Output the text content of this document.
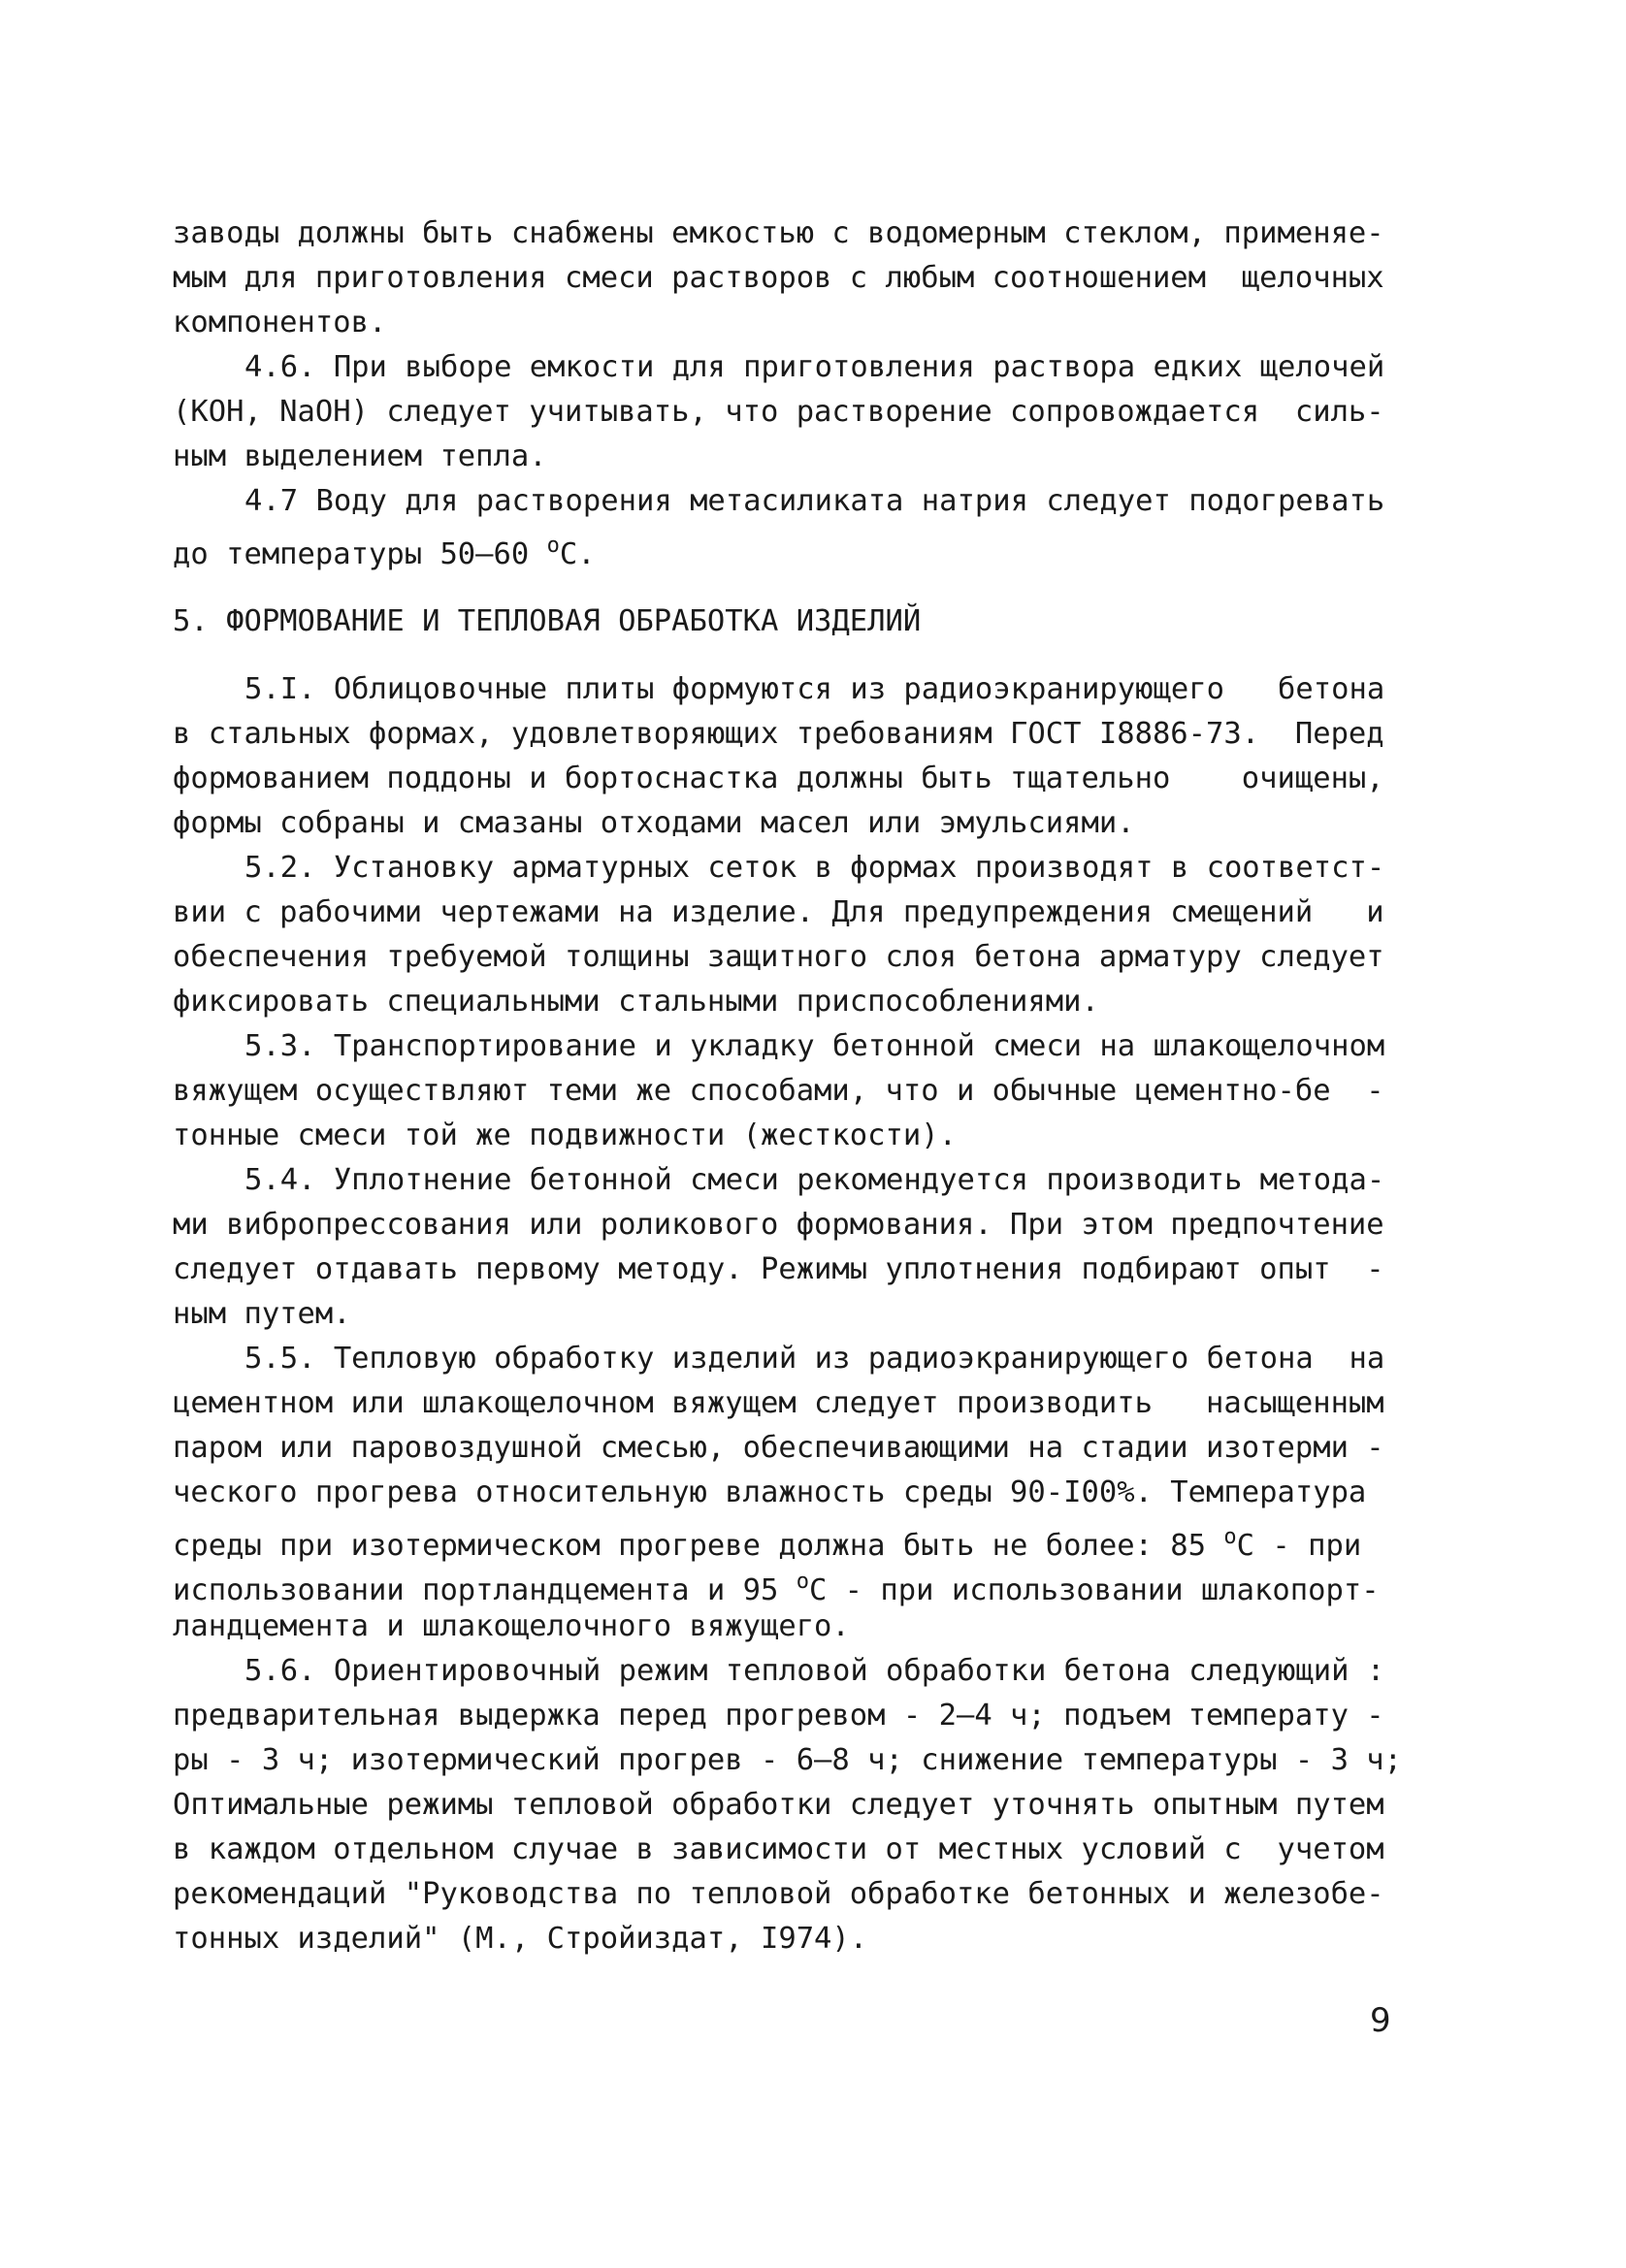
заводы должны быть снабжены емкостью с водомерным стеклом, применяе-
мым для приготовления смеси растворов с любым соотношением  щелочных
компонентов.
4.6. При выборе емкости для приготовления раствора едких щелочей
(КОН, NaOH) следует учитывать, что растворение сопровождается  силь-
ным выделением тепла.
4.7 Воду для растворения метасиликата натрия следует подогревать
до температуры 50–60 $^o$С.
5. ФОРМОВАНИЕ И ТЕПЛОВАЯ ОБРАБОТКА ИЗДЕЛИЙ
5.I. Облицовочные плиты формуются из радиоэкранирующего   бетона
в стальных формах, удовлетворяющих требованиям ГОСТ I8886-73.  Перед
формованием поддоны и бортоснастка должны быть тщательно    очищены,
формы собраны и смазаны отходами масел или эмульсиями.
5.2. Установку арматурных сеток в формах производят в соответст-
вии с рабочими чертежами на изделие. Для предупреждения смещений   и
обеспечения требуемой толщины защитного слоя бетона арматуру следует
фиксировать специальными стальными приспособлениями.
5.3. Транспортирование и укладку бетонной смеси на шлакощелочном
вяжущем осуществляют теми же способами, что и обычные цементно-бе  -
тонные смеси той же подвижности (жесткости).
5.4. Уплотнение бетонной смеси рекомендуется производить метода-
ми вибропрессования или роликового формования. При этом предпочтение
следует отдавать первому методу. Режимы уплотнения подбирают опыт  -
ным путем.
5.5. Тепловую обработку изделий из радиоэкранирующего бетона  на
цементном или шлакощелочном вяжущем следует производить   насыщенным
паром или паровоздушной смесью, обеспечивающими на стадии изотерми -
ческого прогрева относительную влажность среды 90-I00%. Температура
среды при изотермическом прогреве должна быть не более: 85 $^o$С - при
использовании портландцемента и 95 $^o$С - при использовании шлакопорт-
ландцемента и шлакощелочного вяжущего.
5.6. Ориентировочный режим тепловой обработки бетона следующий :
предварительная выдержка перед прогревом - 2–4 ч; подъем температу -
ры - 3 ч; изотермический прогрев - 6–8 ч; снижение температуры - 3 ч;
Оптимальные режимы тепловой обработки следует уточнять опытным путем
в каждом отдельном случае в зависимости от местных условий с  учетом
рекомендаций "Руководства по тепловой обработке бетонных и железобе-
тонных изделий" (М., Стройиздат, I974).
9
